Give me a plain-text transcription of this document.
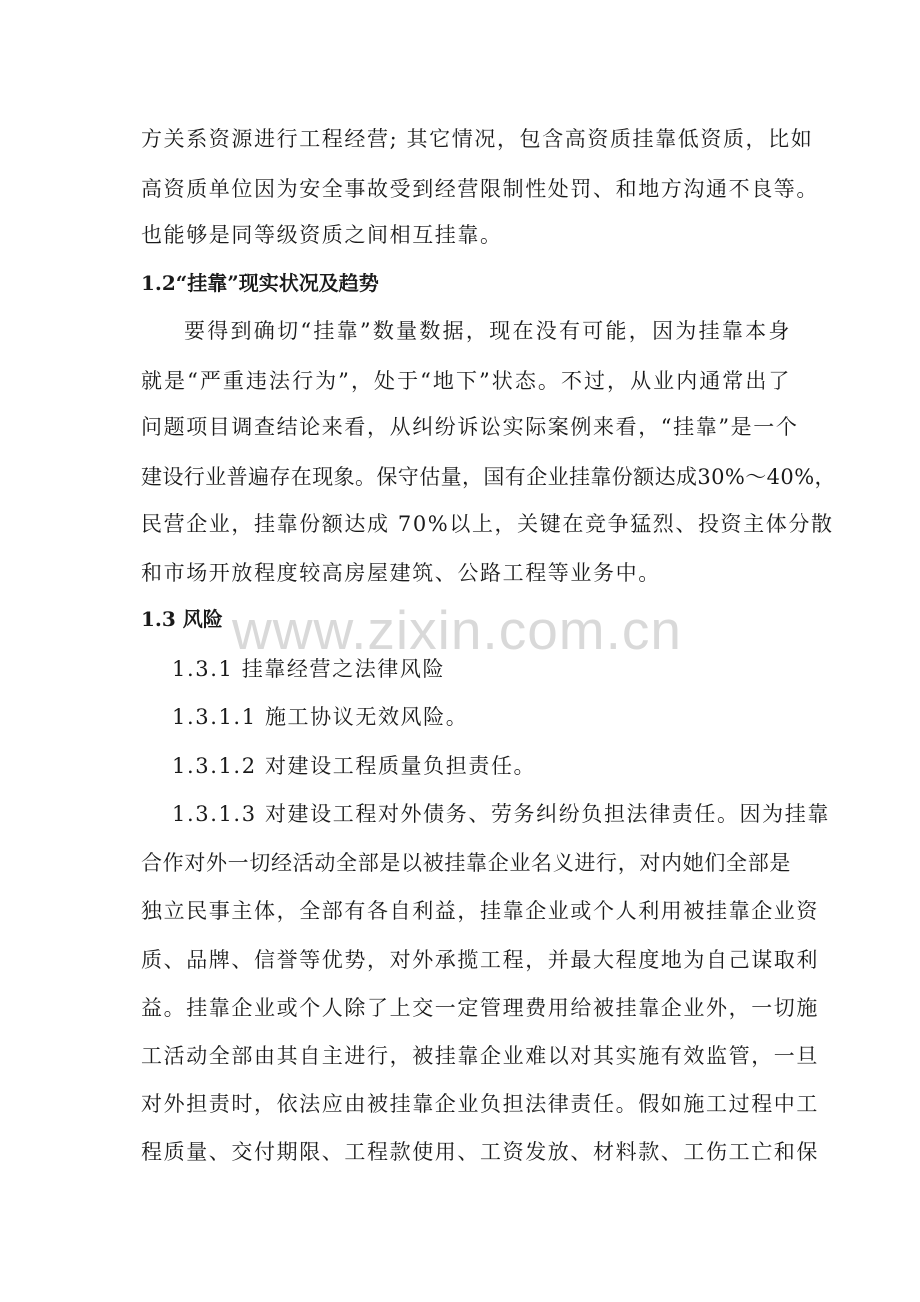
www.zixin.com.cn
方关系资源进行工程经营; 其它情况，包含高资质挂靠低资质，比如
高资质单位因为安全事故受到经营限制性处罚、和地方沟通不良等。
也能够是同等级资质之间相互挂靠。
1.2“挂靠”现实状况及趋势
要得到确切“挂靠”数量数据，现在没有可能，因为挂靠本身
就是“严重违法行为”，处于“地下”状态。不过，从业内通常出了
问题项目调查结论来看，从纠纷诉讼实际案例来看，“挂靠”是一个
建设行业普遍存在现象。保守估量，国有企业挂靠份额达成30%～40%，
民营企业，挂靠份额达成 70%以上，关键在竞争猛烈、投资主体分散
和市场开放程度较高房屋建筑、公路工程等业务中。
1.3 风险
1.3.1 挂靠经营之法律风险
1.3.1.1 施工协议无效风险。
1.3.1.2 对建设工程质量负担责任。
1.3.1.3 对建设工程对外债务、劳务纠纷负担法律责任。因为挂靠
合作对外一切经活动全部是以被挂靠企业名义进行，对内她们全部是
独立民事主体，全部有各自利益，挂靠企业或个人利用被挂靠企业资
质、品牌、信誉等优势，对外承揽工程，并最大程度地为自己谋取利
益。挂靠企业或个人除了上交一定管理费用给被挂靠企业外，一切施
工活动全部由其自主进行，被挂靠企业难以对其实施有效监管，一旦
对外担责时，依法应由被挂靠企业负担法律责任。假如施工过程中工
程质量、交付期限、工程款使用、工资发放、材料款、工伤工亡和保
